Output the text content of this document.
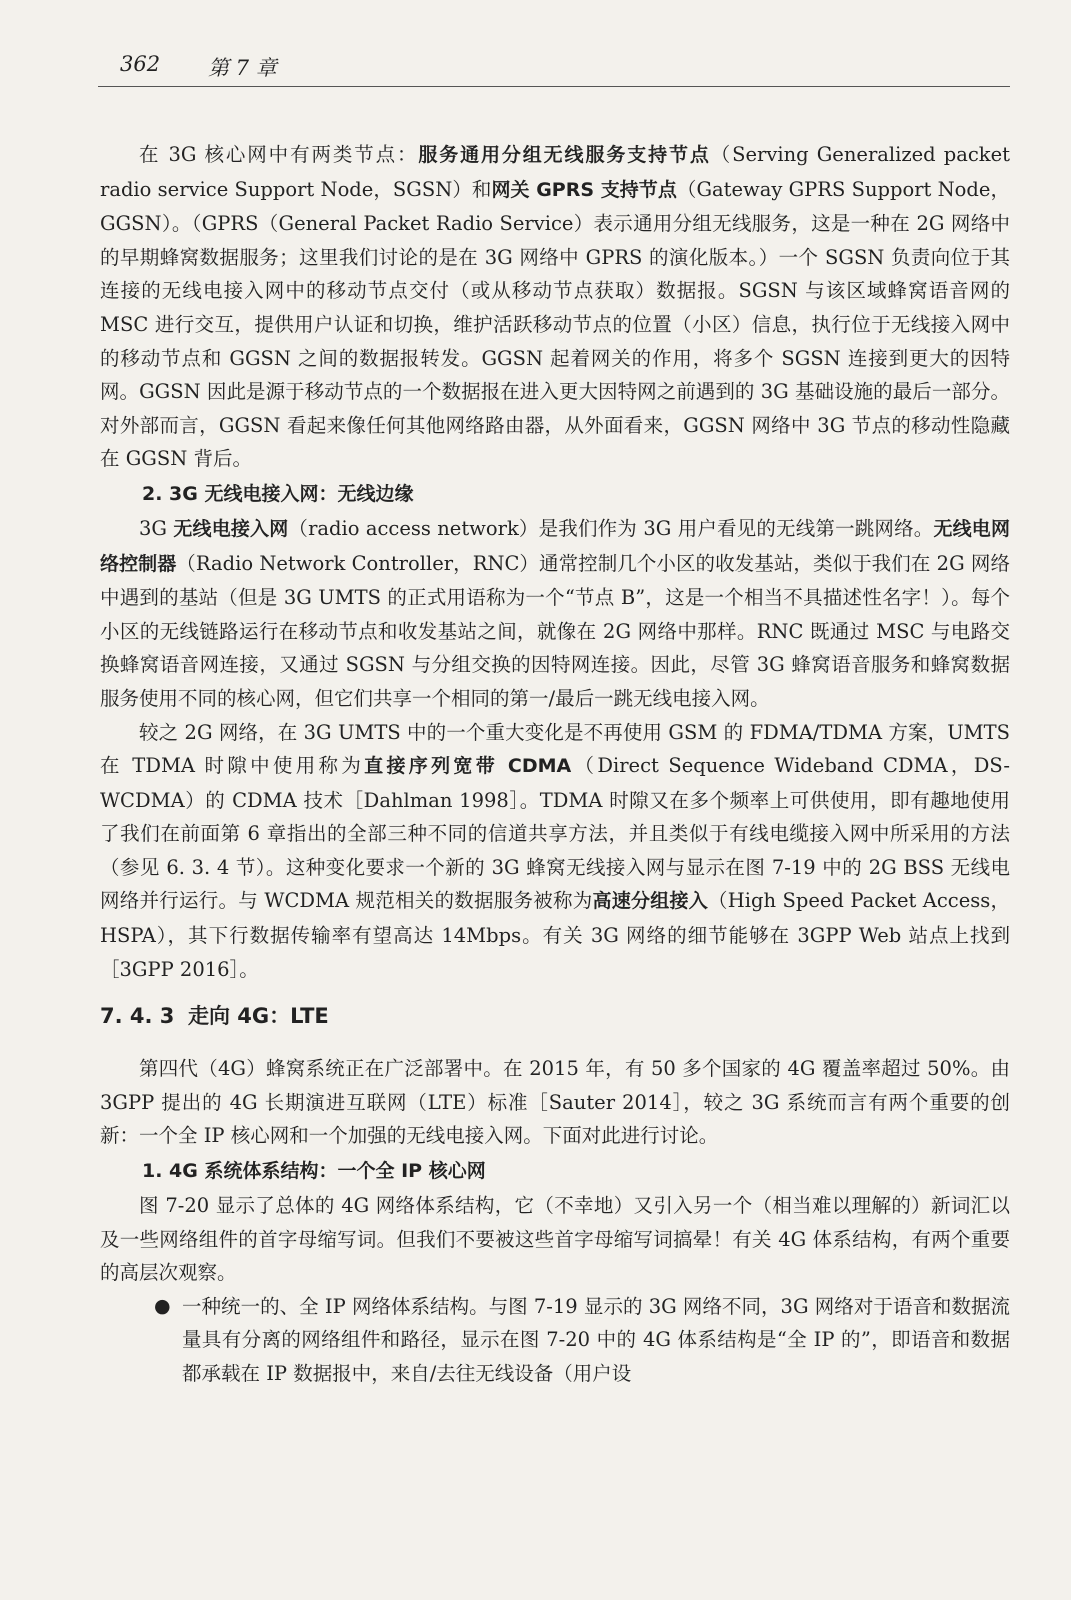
362 第 7 章

在 3G 核心网中有两类节点：服务通用分组无线服务支持节点（Serving Generalized packet radio service Support Node，SGSN）和网关 GPRS 支持节点（Gateway GPRS Support Node，GGSN）。（GPRS（General Packet Radio Service）表示通用分组无线服务，这是一种在 2G 网络中的早期蜂窝数据服务；这里我们讨论的是在 3G 网络中 GPRS 的演化版本。）一个 SGSN 负责向位于其连接的无线电接入网中的移动节点交付（或从移动节点获取）数据报。SGSN 与该区域蜂窝语音网的 MSC 进行交互，提供用户认证和切换，维护活跃移动节点的位置（小区）信息，执行位于无线接入网中的移动节点和 GGSN 之间的数据报转发。GGSN 起着网关的作用，将多个 SGSN 连接到更大的因特网。GGSN 因此是源于移动节点的一个数据报在进入更大因特网之前遇到的 3G 基础设施的最后一部分。对外部而言，GGSN 看起来像任何其他网络路由器，从外面看来，GGSN 网络中 3G 节点的移动性隐藏在 GGSN 背后。

2. 3G 无线电接入网：无线边缘

3G 无线电接入网（radio access network）是我们作为 3G 用户看见的无线第一跳网络。无线电网络控制器（Radio Network Controller，RNC）通常控制几个小区的收发基站，类似于我们在 2G 网络中遇到的基站（但是 3G UMTS 的正式用语称为一个“节点 B”，这是一个相当不具描述性名字！）。每个小区的无线链路运行在移动节点和收发基站之间，就像在 2G 网络中那样。RNC 既通过 MSC 与电路交换蜂窝语音网连接，又通过 SGSN 与分组交换的因特网连接。因此，尽管 3G 蜂窝语音服务和蜂窝数据服务使用不同的核心网，但它们共享一个相同的第一/最后一跳无线电接入网。

较之 2G 网络，在 3G UMTS 中的一个重大变化是不再使用 GSM 的 FDMA/TDMA 方案，UMTS 在 TDMA 时隙中使用称为直接序列宽带 CDMA（Direct Sequence Wideband CDMA，DS-WCDMA）的 CDMA 技术［Dahlman 1998］。TDMA 时隙又在多个频率上可供使用，即有趣地使用了我们在前面第 6 章指出的全部三种不同的信道共享方法，并且类似于有线电缆接入网中所采用的方法（参见 6. 3. 4 节）。这种变化要求一个新的 3G 蜂窝无线接入网与显示在图 7-19 中的 2G BSS 无线电网络并行运行。与 WCDMA 规范相关的数据服务被称为高速分组接入（High Speed Packet Access，HSPA），其下行数据传输率有望高达 14Mbps。有关 3G 网络的细节能够在 3GPP Web 站点上找到［3GPP 2016］。

7. 4. 3 走向 4G：LTE

第四代（4G）蜂窝系统正在广泛部署中。在 2015 年，有 50 多个国家的 4G 覆盖率超过 50%。由 3GPP 提出的 4G 长期演进互联网（LTE）标准［Sauter 2014］，较之 3G 系统而言有两个重要的创新：一个全 IP 核心网和一个加强的无线电接入网。下面对此进行讨论。

1. 4G 系统体系结构：一个全 IP 核心网

图 7-20 显示了总体的 4G 网络体系结构，它（不幸地）又引入另一个（相当难以理解的）新词汇以及一些网络组件的首字母缩写词。但我们不要被这些首字母缩写词搞晕！有关 4G 体系结构，有两个重要的高层次观察。

● 一种统一的、全 IP 网络体系结构。与图 7-19 显示的 3G 网络不同，3G 网络对于语音和数据流量具有分离的网络组件和路径，显示在图 7-20 中的 4G 体系结构是“全 IP 的”，即语音和数据都承载在 IP 数据报中，来自/去往无线设备（用户设
